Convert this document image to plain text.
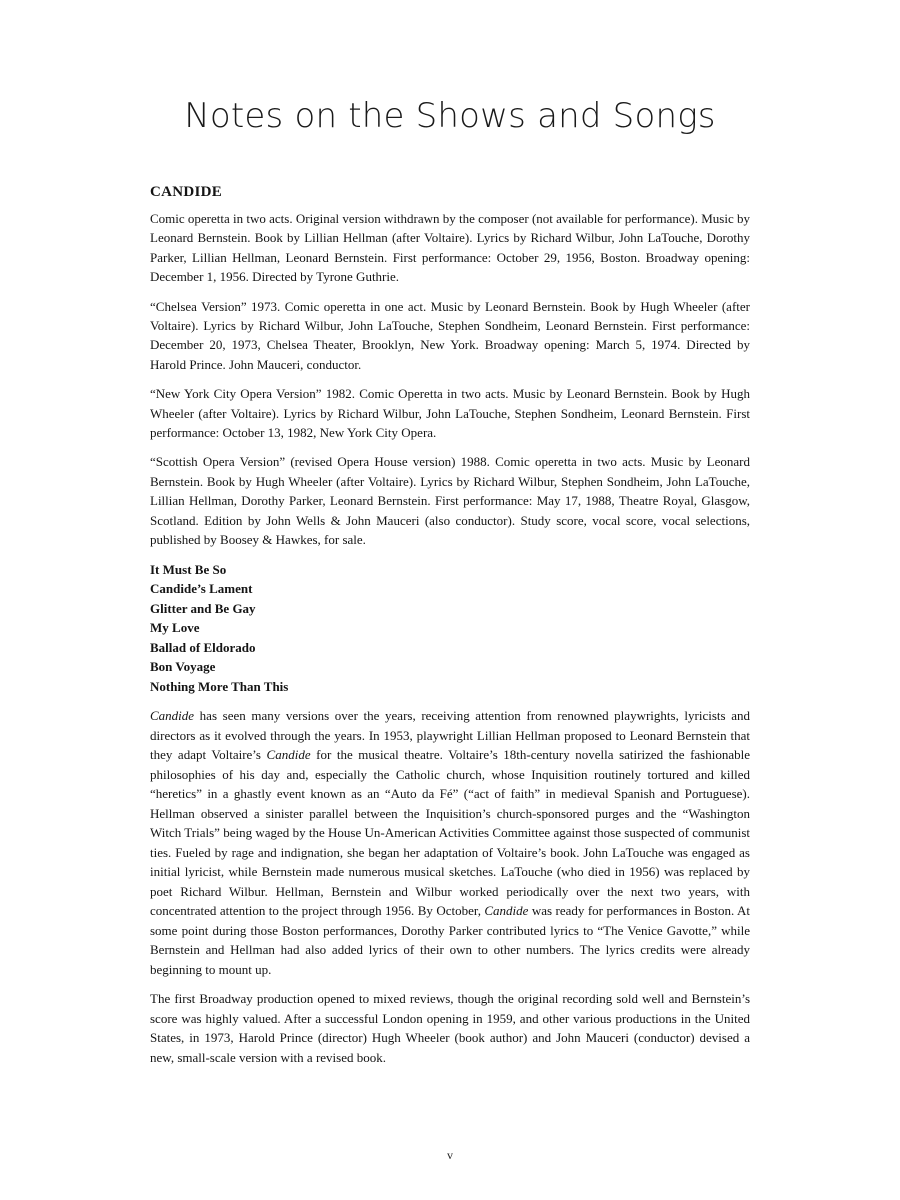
Notes on the Shows and Songs
CANDIDE

Comic operetta in two acts. Original version withdrawn by the composer (not available for performance). Music by Leonard Bernstein. Book by Lillian Hellman (after Voltaire). Lyrics by Richard Wilbur, John LaTouche, Dorothy Parker, Lillian Hellman, Leonard Bernstein. First performance: October 29, 1956, Boston. Broadway opening: December 1, 1956. Directed by Tyrone Guthrie.

“Chelsea Version” 1973. Comic operetta in one act. Music by Leonard Bernstein. Book by Hugh Wheeler (after Voltaire). Lyrics by Richard Wilbur, John LaTouche, Stephen Sondheim, Leonard Bernstein. First performance: December 20, 1973, Chelsea Theater, Brooklyn, New York. Broadway opening: March 5, 1974. Directed by Harold Prince. John Mauceri, conductor.

“New York City Opera Version” 1982. Comic Operetta in two acts. Music by Leonard Bernstein. Book by Hugh Wheeler (after Voltaire). Lyrics by Richard Wilbur, John LaTouche, Stephen Sondheim, Leonard Bernstein. First performance: October 13, 1982, New York City Opera.

“Scottish Opera Version” (revised Opera House version) 1988. Comic operetta in two acts. Music by Leonard Bernstein. Book by Hugh Wheeler (after Voltaire). Lyrics by Richard Wilbur, Stephen Sondheim, John LaTouche, Lillian Hellman, Dorothy Parker, Leonard Bernstein. First performance: May 17, 1988, Theatre Royal, Glasgow, Scotland. Edition by John Wells & John Mauceri (also conductor). Study score, vocal score, vocal selections, published by Boosey & Hawkes, for sale.

It Must Be So
Candide’s Lament
Glitter and Be Gay
My Love
Ballad of Eldorado
Bon Voyage
Nothing More Than This

Candide has seen many versions over the years, receiving attention from renowned playwrights, lyricists and directors as it evolved through the years. In 1953, playwright Lillian Hellman proposed to Leonard Bernstein that they adapt Voltaire’s Candide for the musical theatre. Voltaire’s 18th-century novella satirized the fashionable philosophies of his day and, especially the Catholic church, whose Inquisition routinely tortured and killed “heretics” in a ghastly event known as an “Auto da Fé” (“act of faith” in medieval Spanish and Portuguese). Hellman observed a sinister parallel between the Inquisition’s church-sponsored purges and the “Washington Witch Trials” being waged by the House Un-American Activities Committee against those suspected of communist ties. Fueled by rage and indignation, she began her adaptation of Voltaire’s book. John LaTouche was engaged as initial lyricist, while Bernstein made numerous musical sketches. LaTouche (who died in 1956) was replaced by poet Richard Wilbur. Hellman, Bernstein and Wilbur worked periodically over the next two years, with concentrated attention to the project through 1956. By October, Candide was ready for performances in Boston. At some point during those Boston performances, Dorothy Parker contributed lyrics to “The Venice Gavotte,” while Bernstein and Hellman had also added lyrics of their own to other numbers. The lyrics credits were already beginning to mount up.

The first Broadway production opened to mixed reviews, though the original recording sold well and Bernstein’s score was highly valued. After a successful London opening in 1959, and other various productions in the United States, in 1973, Harold Prince (director) Hugh Wheeler (book author) and John Mauceri (conductor) devised a new, small-scale version with a revised book.

v
